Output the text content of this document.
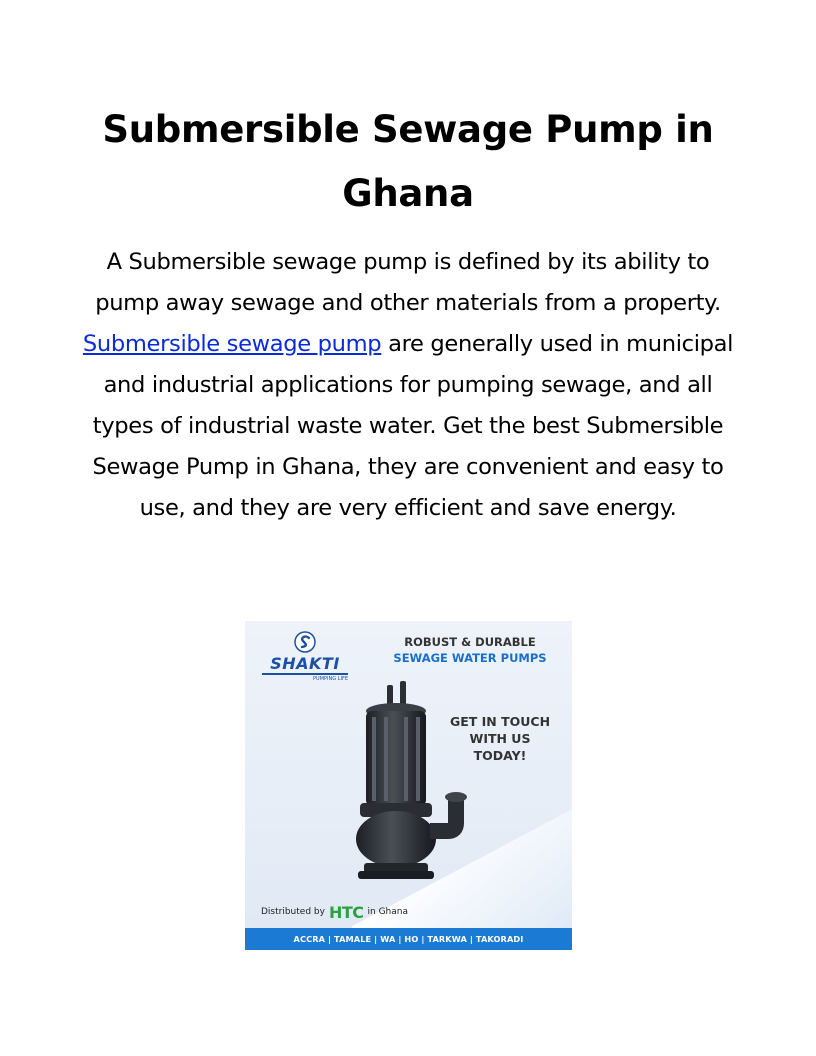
Submersible Sewage Pump in Ghana

A Submersible sewage pump is defined by its ability to pump away sewage and other materials from a property. Submersible sewage pump are generally used in municipal and industrial applications for pumping sewage, and all types of industrial waste water. Get the best Submersible Sewage Pump in Ghana, they are convenient and easy to use, and they are very efficient and save energy.

SHAKTI
PUMPING LIFE
ROBUST & DURABLE
SEWAGE WATER PUMPS
GET IN TOUCH
WITH US
TODAY!
Distributed by HTC in Ghana
ACCRA | TAMALE | WA | HO | TARKWA | TAKORADI
